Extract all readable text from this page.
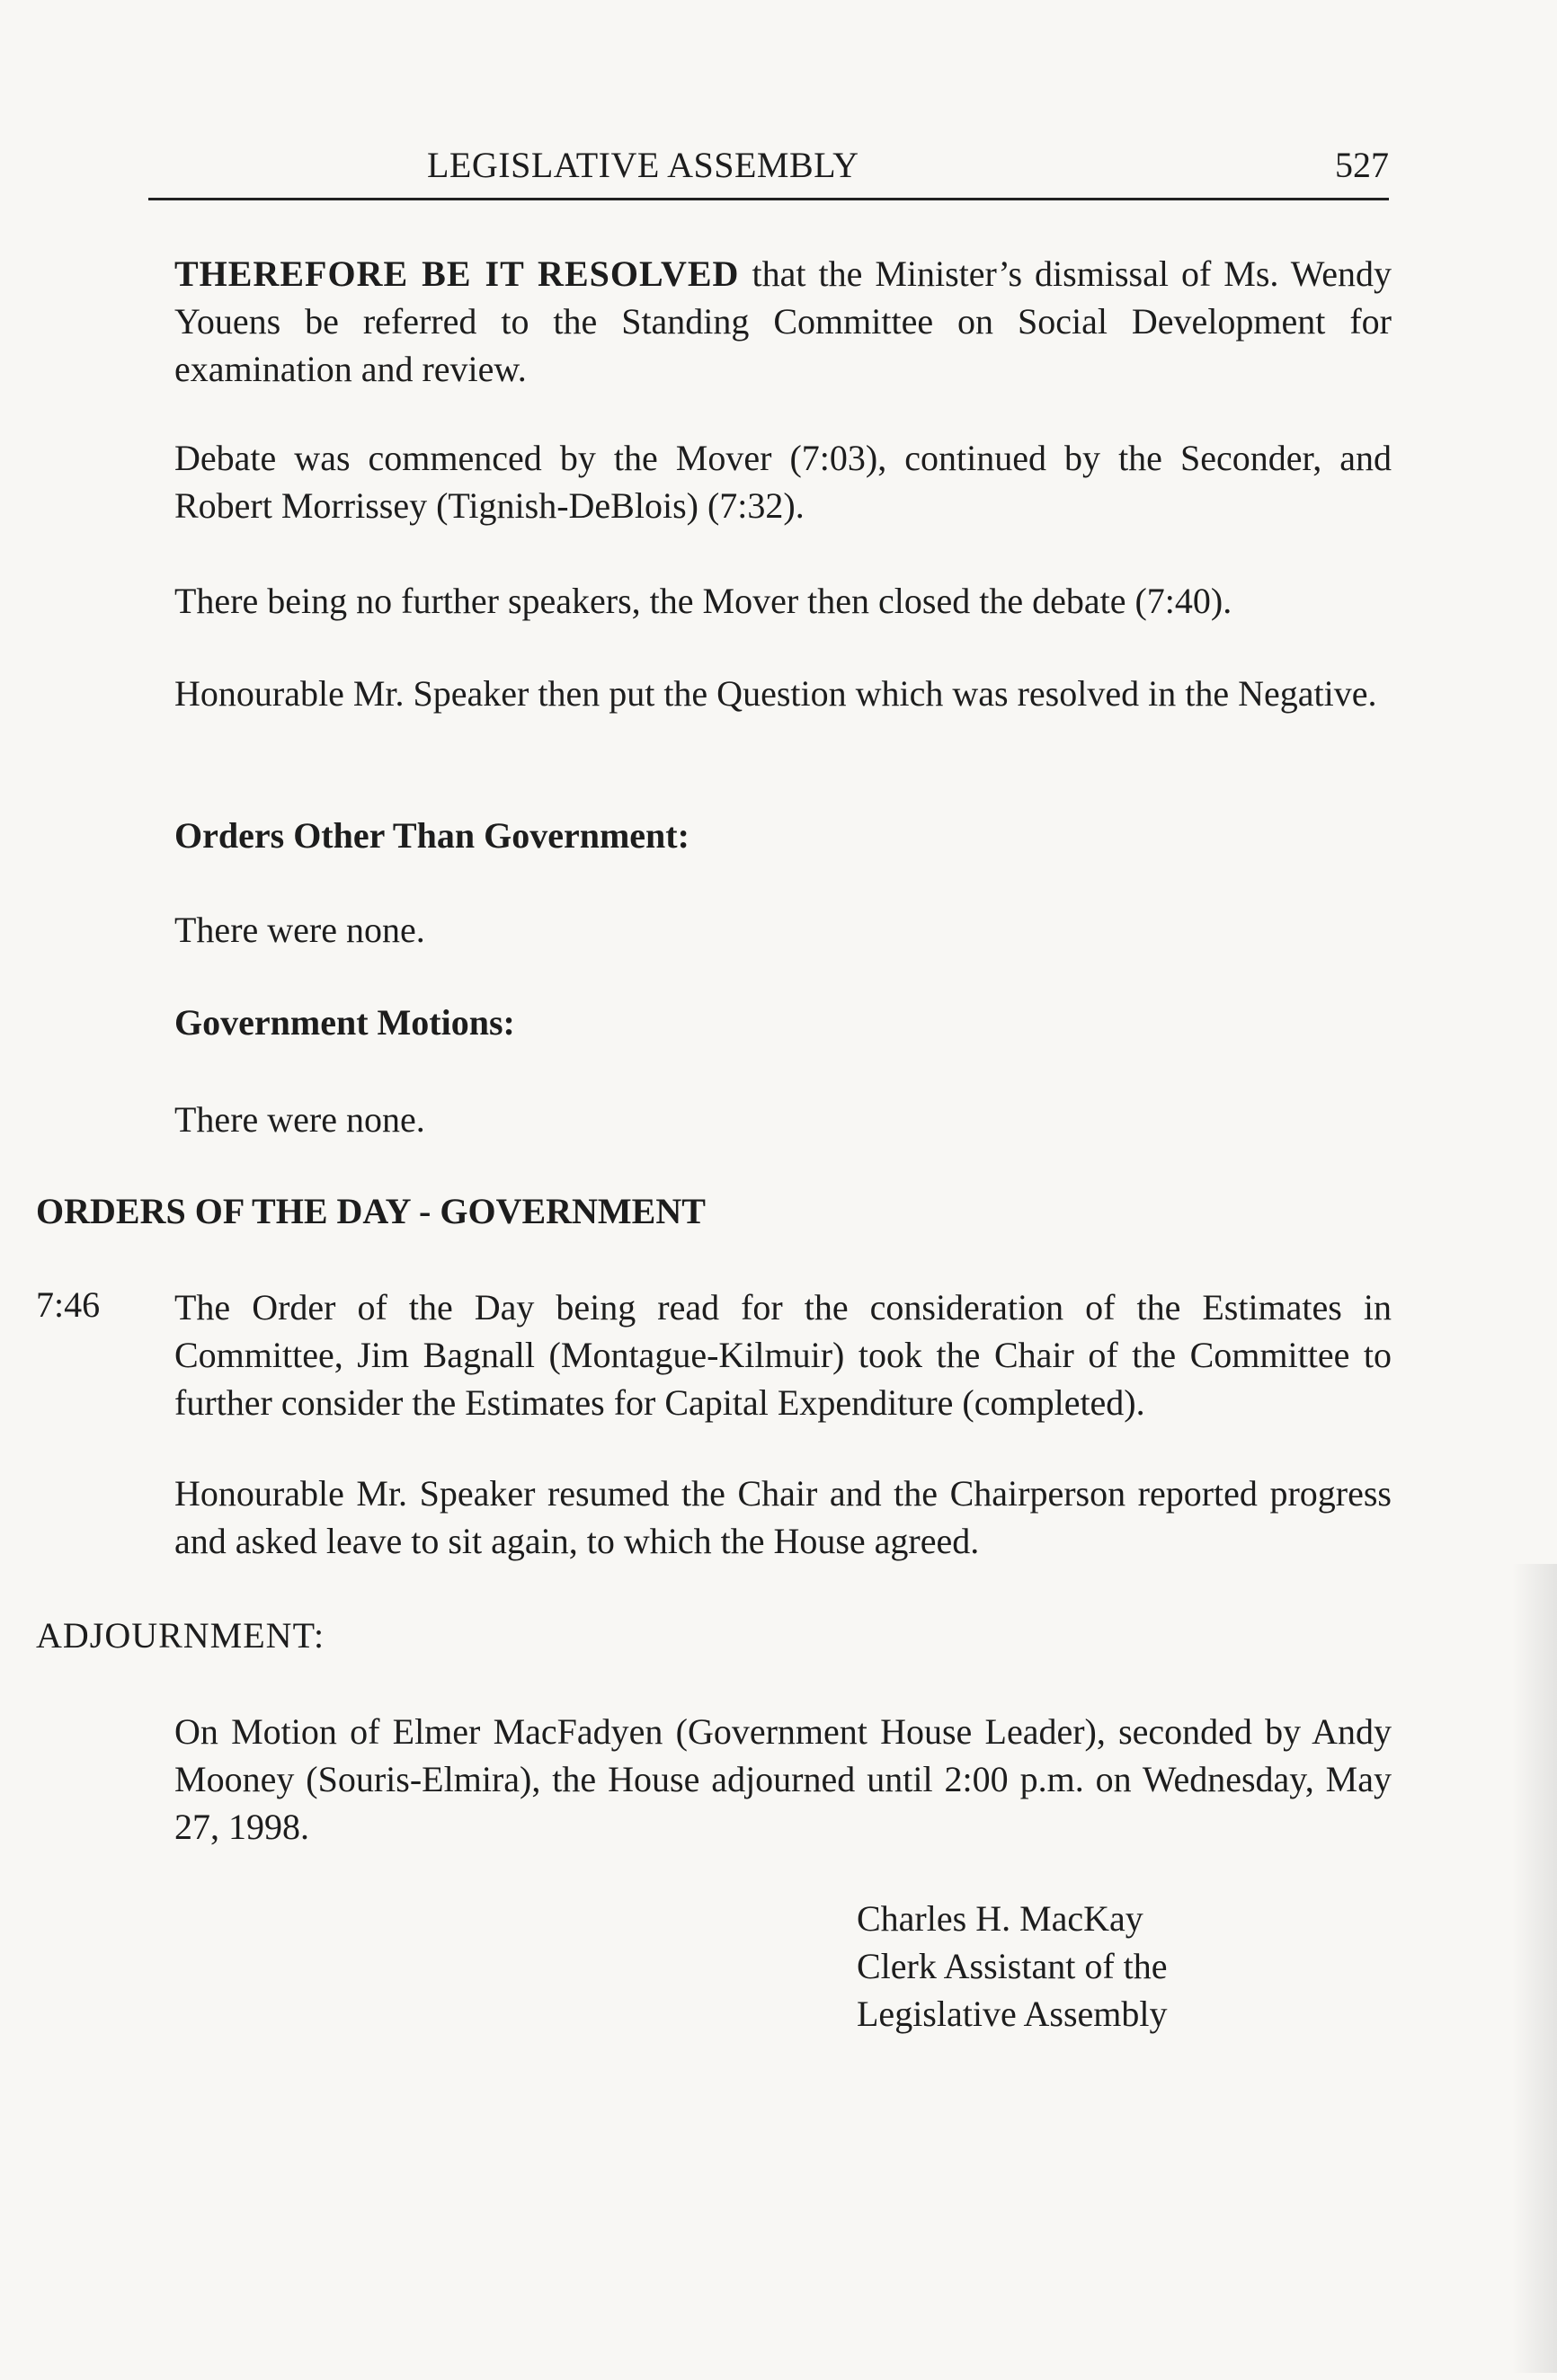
LEGISLATIVE ASSEMBLY	527
THEREFORE BE IT RESOLVED that the Minister’s dismissal of Ms. Wendy Youens be referred to the Standing Committee on Social Development for examination and review.
Debate was commenced by the Mover (7:03), continued by the Seconder, and Robert Morrissey (Tignish-DeBlois) (7:32).
There being no further speakers, the Mover then closed the debate (7:40).
Honourable Mr. Speaker then put the Question which was resolved in the Negative.
Orders Other Than Government:
There were none.
Government Motions:
There were none.
ORDERS OF THE DAY - GOVERNMENT
7:46 The Order of the Day being read for the consideration of the Estimates in Committee, Jim Bagnall (Montague-Kilmuir) took the Chair of the Committee to further consider the Estimates for Capital Expenditure (completed).
Honourable Mr. Speaker resumed the Chair and the Chairperson reported progress and asked leave to sit again, to which the House agreed.
ADJOURNMENT:
On Motion of Elmer MacFadyen (Government House Leader), seconded by Andy Mooney (Souris-Elmira), the House adjourned until 2:00 p.m. on Wednesday, May 27, 1998.
Charles H. MacKay
Clerk Assistant of the
Legislative Assembly
